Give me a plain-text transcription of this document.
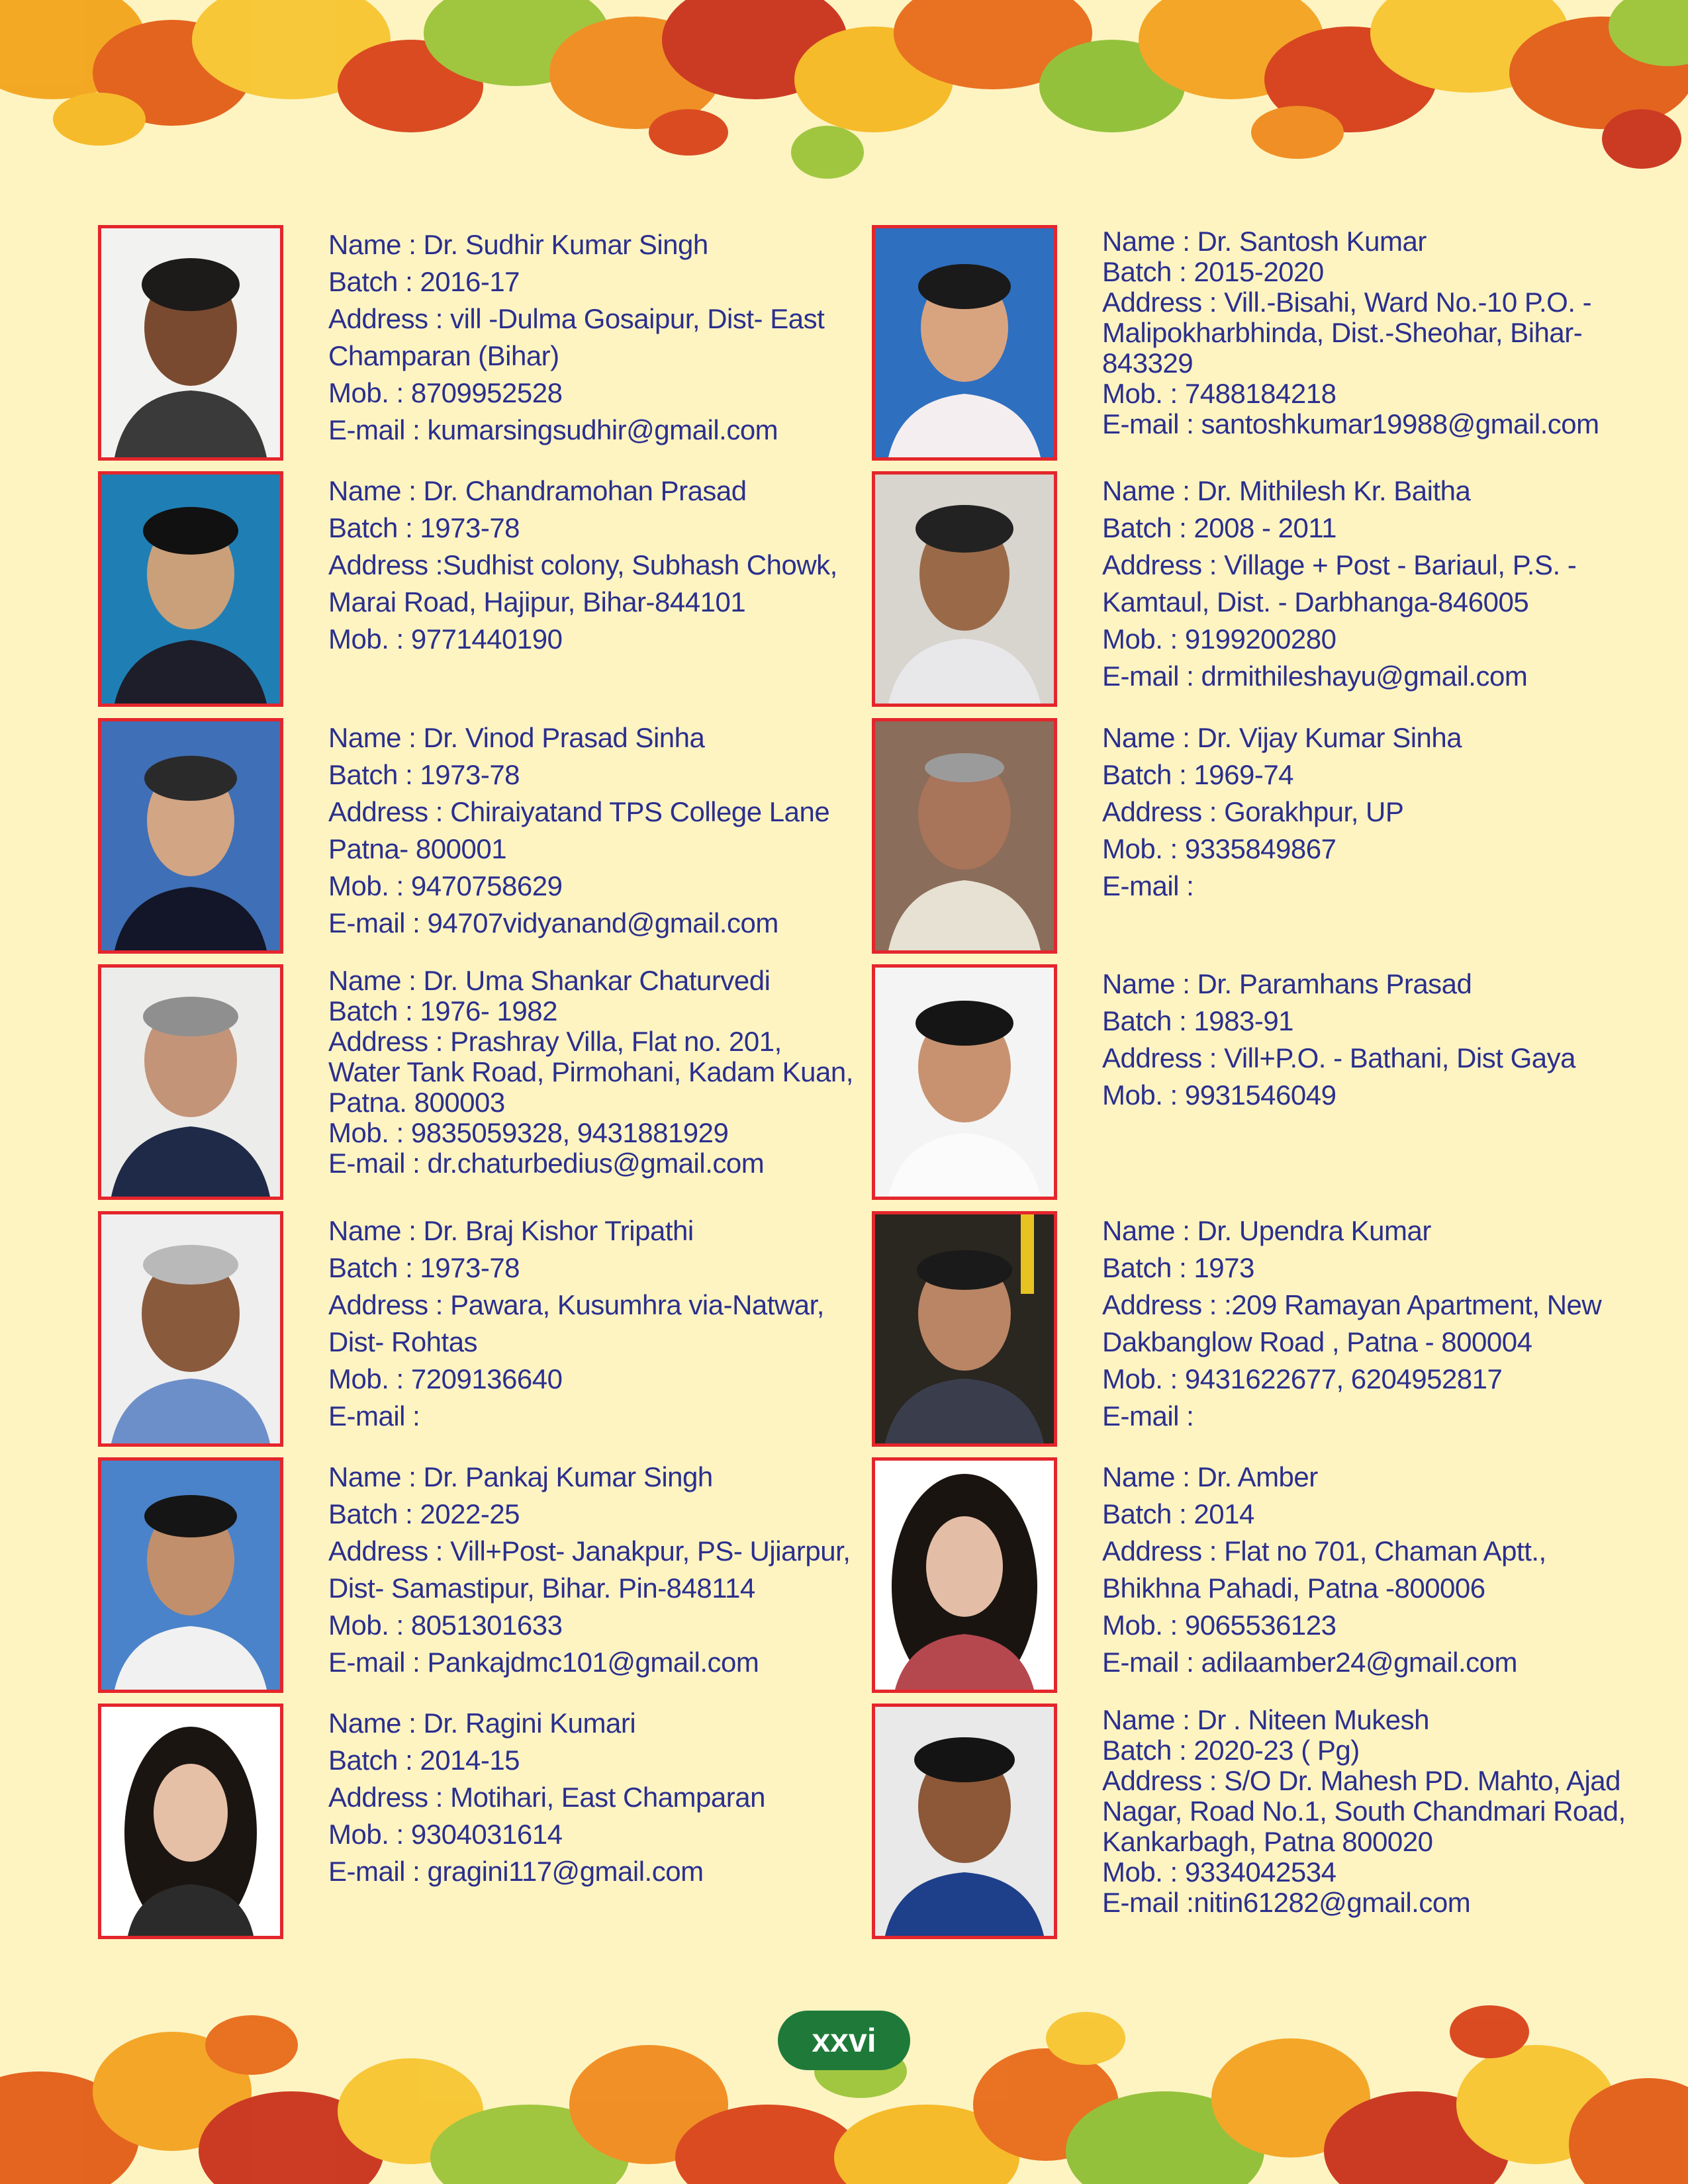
Name : Dr. Sudhir Kumar Singh
Batch : 2016-17
Address : vill -Dulma Gosaipur, Dist- East Champaran (Bihar)
Mob. : 8709952528
E-mail : kumarsingsudhir@gmail.com
Name : Dr. Santosh Kumar
Batch : 2015-2020
Address : Vill.-Bisahi, Ward No.-10 P.O. -Malipokharbhinda, Dist.-Sheohar, Bihar-843329
Mob. : 7488184218
E-mail : santoshkumar19988@gmail.com
Name : Dr. Chandramohan Prasad
Batch : 1973-78
Address :Sudhist colony, Subhash Chowk, Marai Road, Hajipur, Bihar-844101
Mob. : 9771440190
Name : Dr. Mithilesh Kr. Baitha
Batch : 2008 - 2011
Address : Village + Post - Bariaul, P.S. - Kamtaul, Dist. - Darbhanga-846005
Mob. : 9199200280
E-mail : drmithileshayu@gmail.com
Name : Dr. Vinod Prasad Sinha
Batch : 1973-78
Address : Chiraiyatand TPS College Lane Patna- 800001
Mob. : 9470758629
E-mail : 94707vidyanand@gmail.com
Name : Dr. Vijay Kumar Sinha
Batch : 1969-74
Address : Gorakhpur, UP
Mob. : 9335849867
E-mail :
Name : Dr. Uma Shankar Chaturvedi
Batch : 1976- 1982
Address : Prashray Villa, Flat no. 201, Water Tank Road, Pirmohani, Kadam Kuan, Patna. 800003
Mob. : 9835059328, 9431881929
E-mail : dr.chaturbedius@gmail.com
Name : Dr. Paramhans Prasad
Batch : 1983-91
Address : Vill+P.O. - Bathani, Dist Gaya
Mob. : 9931546049
Name : Dr. Braj Kishor Tripathi
Batch : 1973-78
Address : Pawara, Kusumhra via-Natwar, Dist- Rohtas
Mob. : 7209136640
E-mail :
Name : Dr. Upendra Kumar
Batch : 1973
Address : :209 Ramayan Apartment, New Dakbanglow Road , Patna - 800004
Mob. : 9431622677, 6204952817
E-mail :
Name : Dr. Pankaj Kumar Singh
Batch : 2022-25
Address : Vill+Post- Janakpur, PS- Ujiarpur, Dist- Samastipur, Bihar. Pin-848114
Mob. : 8051301633
E-mail : Pankajdmc101@gmail.com
Name : Dr. Amber
Batch : 2014
Address : Flat no 701, Chaman Aptt., Bhikhna Pahadi, Patna -800006
Mob. : 9065536123
E-mail : adilaamber24@gmail.com
Name : Dr. Ragini Kumari
Batch : 2014-15
Address : Motihari, East Champaran
Mob. : 9304031614
E-mail : gragini117@gmail.com
Name : Dr . Niteen Mukesh
Batch : 2020-23 ( Pg)
Address : S/O Dr. Mahesh PD. Mahto, Ajad Nagar, Road No.1, South Chandmari Road, Kankarbagh, Patna 800020
Mob. : 9334042534
E-mail :nitin61282@gmail.com
xxvi
